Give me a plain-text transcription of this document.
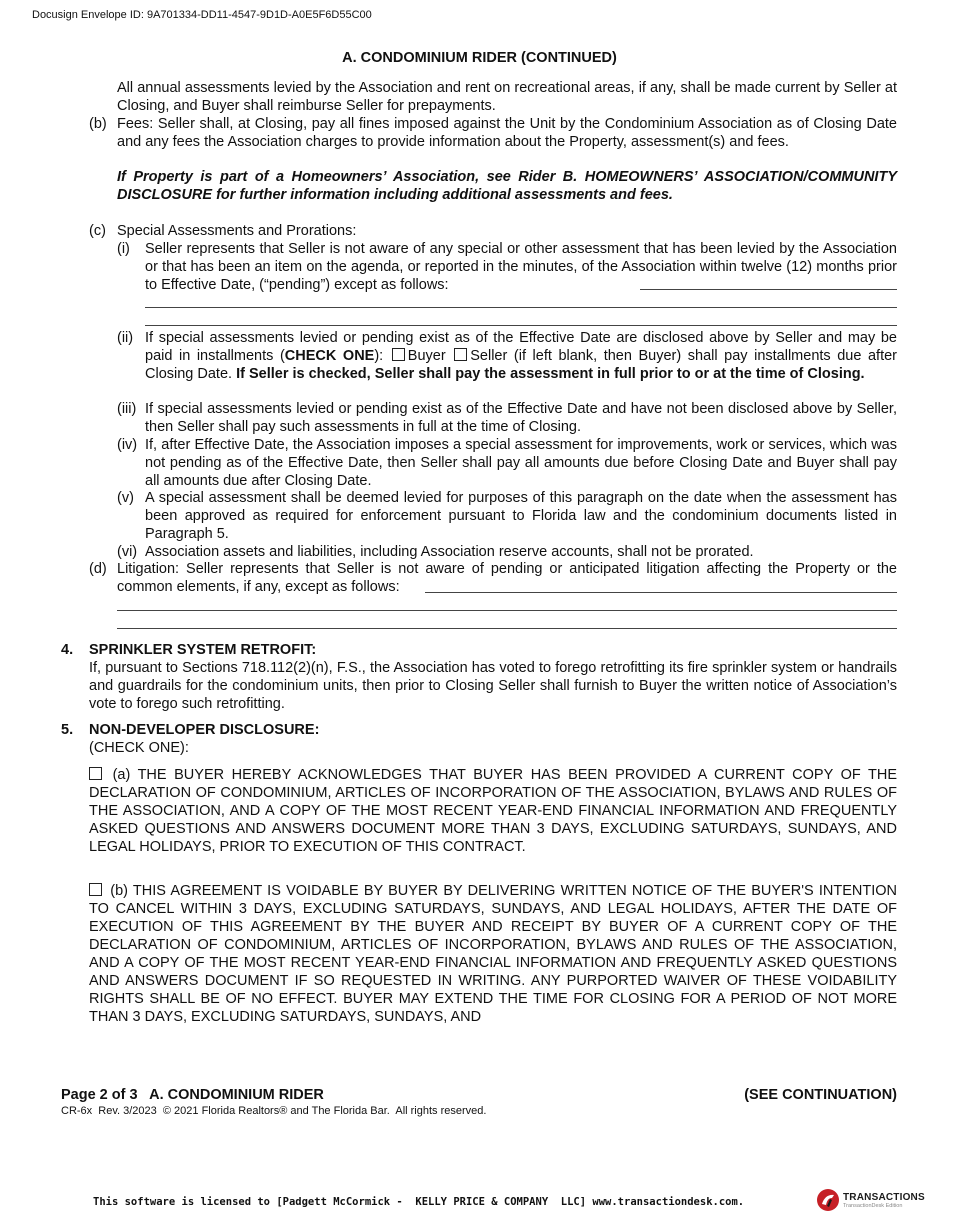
Docusign Envelope ID: 9A701334-DD11-4547-9D1D-A0E5F6D55C00
A. CONDOMINIUM RIDER (CONTINUED)
All annual assessments levied by the Association and rent on recreational areas, if any, shall be made current by Seller at Closing, and Buyer shall reimburse Seller for prepayments.
(b) Fees: Seller shall, at Closing, pay all fines imposed against the Unit by the Condominium Association as of Closing Date and any fees the Association charges to provide information about the Property, assessment(s) and fees.
If Property is part of a Homeowners’ Association, see Rider B. HOMEOWNERS’ ASSOCIATION/COMMUNITY DISCLOSURE for further information including additional assessments and fees.
(c) Special Assessments and Prorations:
(i) Seller represents that Seller is not aware of any special or other assessment that has been levied by the Association or that has been an item on the agenda, or reported in the minutes, of the Association within twelve (12) months prior to Effective Date, (“pending”) except as follows:
(ii) If special assessments levied or pending exist as of the Effective Date are disclosed above by Seller and may be paid in installments (CHECK ONE): Buyer Seller (if left blank, then Buyer) shall pay installments due after Closing Date. If Seller is checked, Seller shall pay the assessment in full prior to or at the time of Closing.
(iii) If special assessments levied or pending exist as of the Effective Date and have not been disclosed above by Seller, then Seller shall pay such assessments in full at the time of Closing.
(iv) If, after Effective Date, the Association imposes a special assessment for improvements, work or services, which was not pending as of the Effective Date, then Seller shall pay all amounts due before Closing Date and Buyer shall pay all amounts due after Closing Date.
(v) A special assessment shall be deemed levied for purposes of this paragraph on the date when the assessment has been approved as required for enforcement pursuant to Florida law and the condominium documents listed in Paragraph 5.
(vi) Association assets and liabilities, including Association reserve accounts, shall not be prorated.
(d) Litigation: Seller represents that Seller is not aware of pending or anticipated litigation affecting the Property or the common elements, if any, except as follows:
4. SPRINKLER SYSTEM RETROFIT:
If, pursuant to Sections 718.112(2)(n), F.S., the Association has voted to forego retrofitting its fire sprinkler system or handrails and guardrails for the condominium units, then prior to Closing Seller shall furnish to Buyer the written notice of Association’s vote to forego such retrofitting.
5. NON-DEVELOPER DISCLOSURE:
(CHECK ONE):
(a) THE BUYER HEREBY ACKNOWLEDGES THAT BUYER HAS BEEN PROVIDED A CURRENT COPY OF THE DECLARATION OF CONDOMINIUM, ARTICLES OF INCORPORATION OF THE ASSOCIATION, BYLAWS AND RULES OF THE ASSOCIATION, AND A COPY OF THE MOST RECENT YEAR-END FINANCIAL INFORMATION AND FREQUENTLY ASKED QUESTIONS AND ANSWERS DOCUMENT MORE THAN 3 DAYS, EXCLUDING SATURDAYS, SUNDAYS, AND LEGAL HOLIDAYS, PRIOR TO EXECUTION OF THIS CONTRACT.
(b) THIS AGREEMENT IS VOIDABLE BY BUYER BY DELIVERING WRITTEN NOTICE OF THE BUYER'S INTENTION TO CANCEL WITHIN 3 DAYS, EXCLUDING SATURDAYS, SUNDAYS, AND LEGAL HOLIDAYS, AFTER THE DATE OF EXECUTION OF THIS AGREEMENT BY THE BUYER AND RECEIPT BY BUYER OF A CURRENT COPY OF THE DECLARATION OF CONDOMINIUM, ARTICLES OF INCORPORATION, BYLAWS AND RULES OF THE ASSOCIATION, AND A COPY OF THE MOST RECENT YEAR-END FINANCIAL INFORMATION AND FREQUENTLY ASKED QUESTIONS AND ANSWERS DOCUMENT IF SO REQUESTED IN WRITING. ANY PURPORTED WAIVER OF THESE VOIDABILITY RIGHTS SHALL BE OF NO EFFECT. BUYER MAY EXTEND THE TIME FOR CLOSING FOR A PERIOD OF NOT MORE THAN 3 DAYS, EXCLUDING SATURDAYS, SUNDAYS, AND
Page 2 of 3   A. CONDOMINIUM RIDER	(SEE CONTINUATION)
CR-6x  Rev. 3/2023  © 2021 Florida Realtors® and The Florida Bar.  All rights reserved.
This software is licensed to [Padgett McCormick -  KELLY PRICE & COMPANY  LLC] www.transactiondesk.com.	TRANSACTIONS
TransactionDesk Edition
